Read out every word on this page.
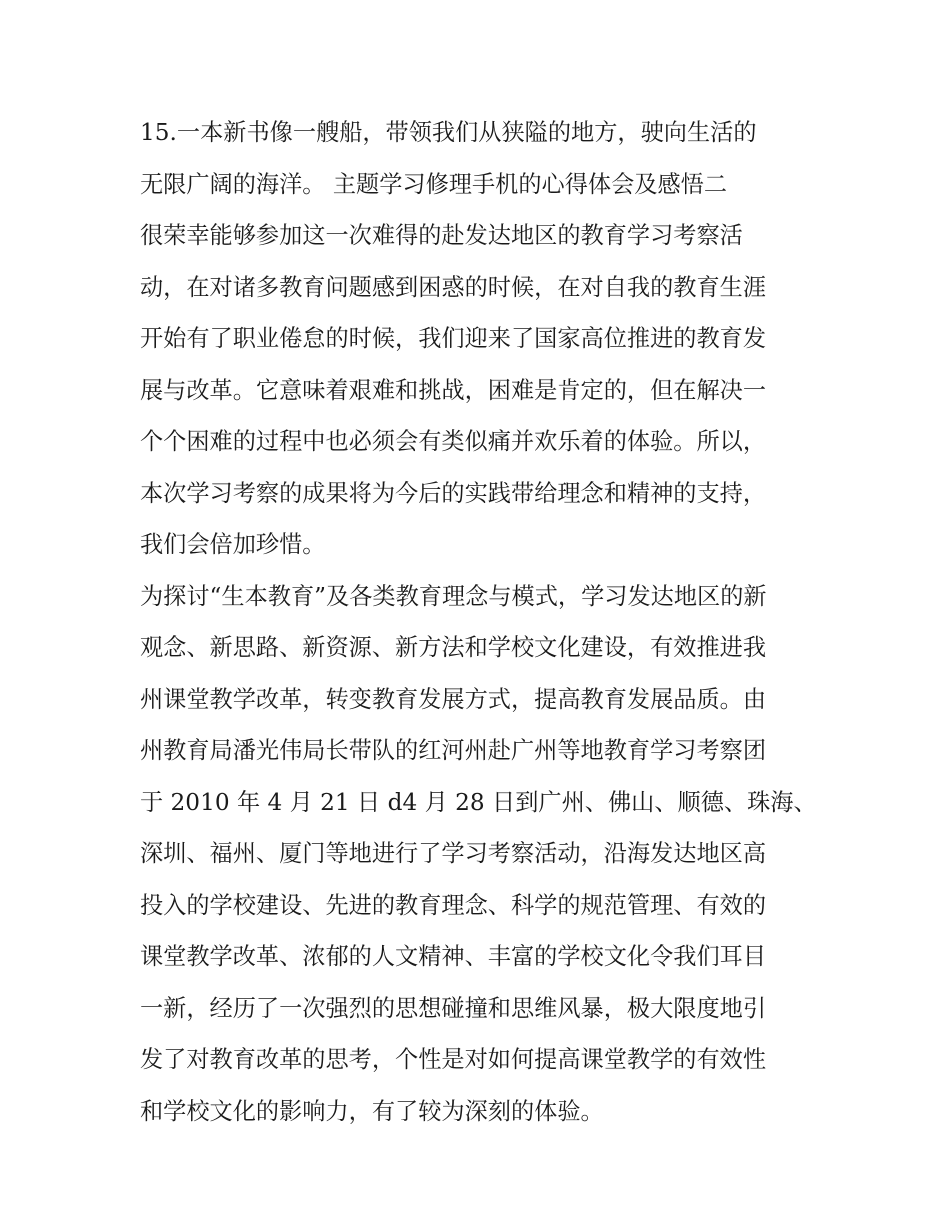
15.一本新书像一艘船，带领我们从狭隘的地方，驶向生活的
无限广阔的海洋。 主题学习修理手机的心得体会及感悟二
很荣幸能够参加这一次难得的赴发达地区的教育学习考察活
动，在对诸多教育问题感到困惑的时候，在对自我的教育生涯
开始有了职业倦怠的时候，我们迎来了国家高位推进的教育发
展与改革。它意味着艰难和挑战，困难是肯定的，但在解决一
个个困难的过程中也必须会有类似痛并欢乐着的体验。所以，
本次学习考察的成果将为今后的实践带给理念和精神的支持，
我们会倍加珍惜。
为探讨“生本教育”及各类教育理念与模式，学习发达地区的新
观念、新思路、新资源、新方法和学校文化建设，有效推进我
州课堂教学改革，转变教育发展方式，提高教育发展品质。由
州教育局潘光伟局长带队的红河州赴广州等地教育学习考察团
于 2010 年 4 月 21 日 d4 月 28 日到广州、佛山、顺德、珠海、
深圳、福州、厦门等地进行了学习考察活动，沿海发达地区高
投入的学校建设、先进的教育理念、科学的规范管理、有效的
课堂教学改革、浓郁的人文精神、丰富的学校文化令我们耳目
一新，经历了一次强烈的思想碰撞和思维风暴，极大限度地引
发了对教育改革的思考，个性是对如何提高课堂教学的有效性
和学校文化的影响力，有了较为深刻的体验。
